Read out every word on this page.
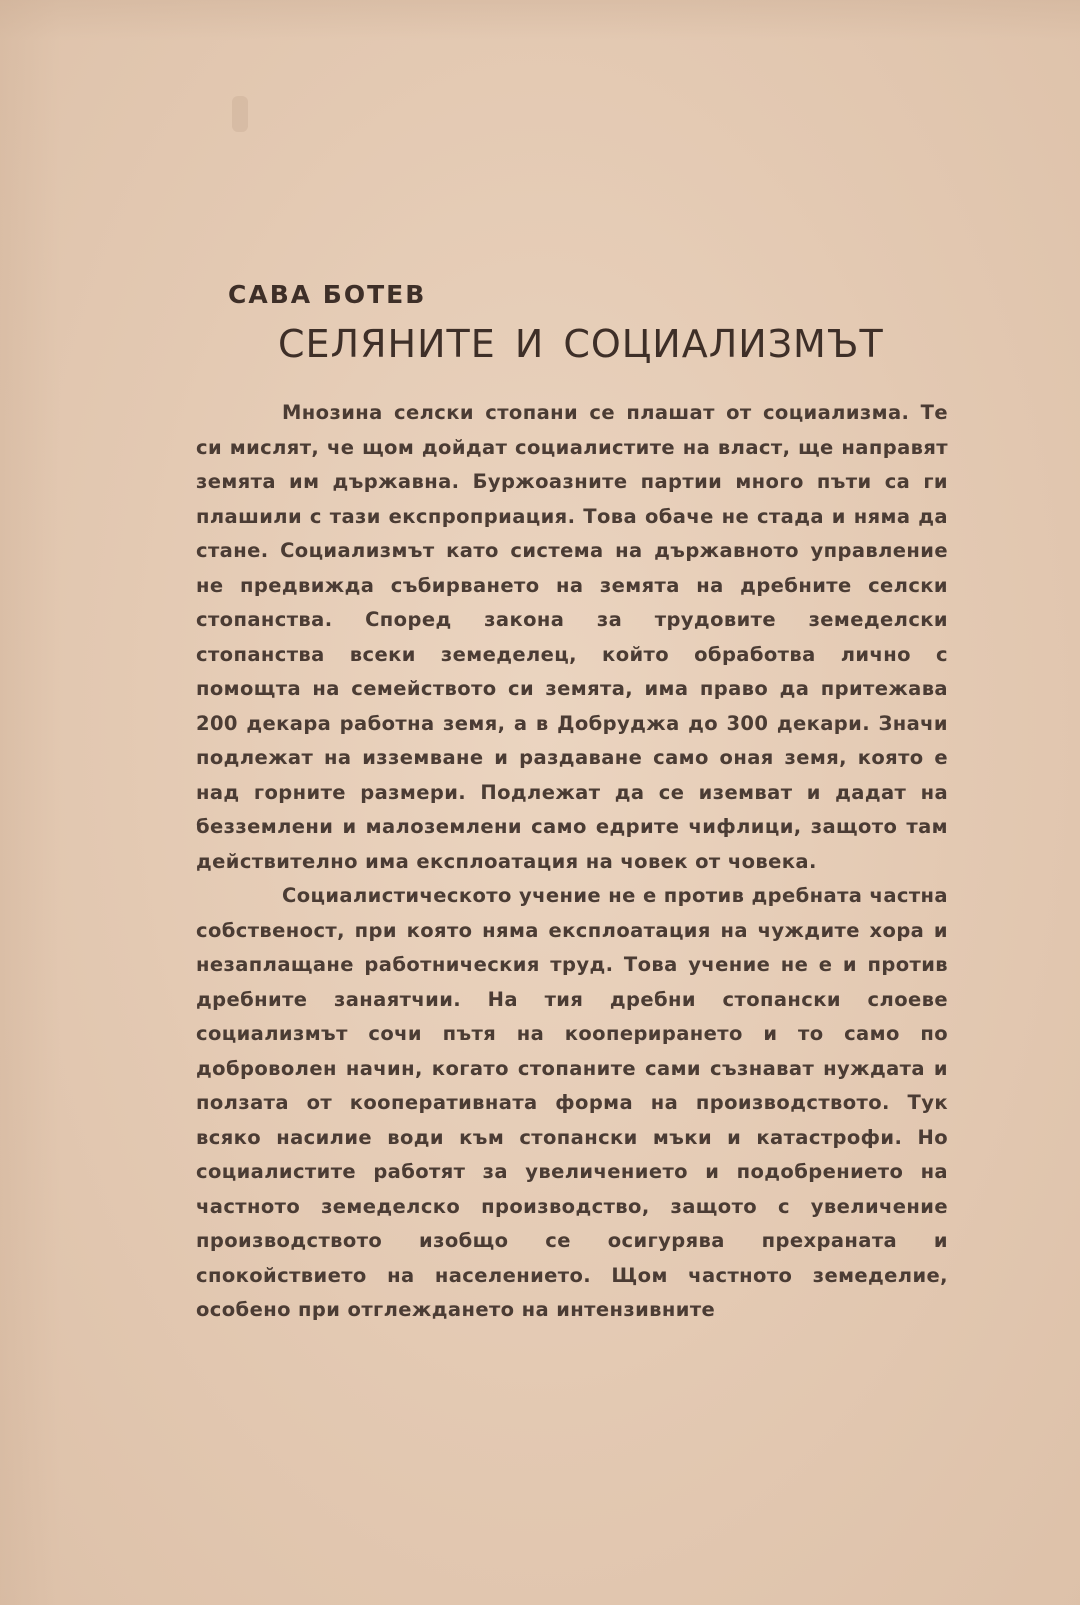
САВА БОТЕВ
СЕЛЯНИТЕ И СОЦИАЛИЗМЪТ

Мнозина селски стопани се плашат от социализма. Те си мислят, че щом дойдат социалистите на власт, ще направят земята им държавна. Буржоазните партии много пъти са ги плашили с тази експроприация. Това обаче не стада и няма да стане. Социализмът като система на държавното управление не предвижда събирването на земята на дребните селски стопанства. Според закона за трудовите земеделски стопанства всеки земеделец, който обработва лично с помощта на семейството си земята, има право да притежава 200 декара работна земя, а в Добруджа до 300 декари. Значи подлежат на изземване и раздаване само оная земя, която е над горните размери. Подлежат да се иземват и дадат на безземлени и малоземлени само едрите чифлици, защото там действително има експлоатация на човек от човека.

Социалистическото учение не е против дребната частна собственост, при която няма експлоатация на чуждите хора и незаплащане работническия труд. Това учение не е и против дребните занаятчии. На тия дребни стопански слоеве социализмът сочи пътя на кооперирането и то само по доброволен начин, когато стопаните сами съзнават нуждата и ползата от кооперативната форма на производството. Тук всяко насилие води към стопански мъки и катастрофи. Но социалистите работят за увеличението и подобрението на частното земеделско производство, защото с увеличение производството изобщо се осигурява прехраната и спокойствието на населението. Щом частното земеделие, особено при отглеждането на интензивните
